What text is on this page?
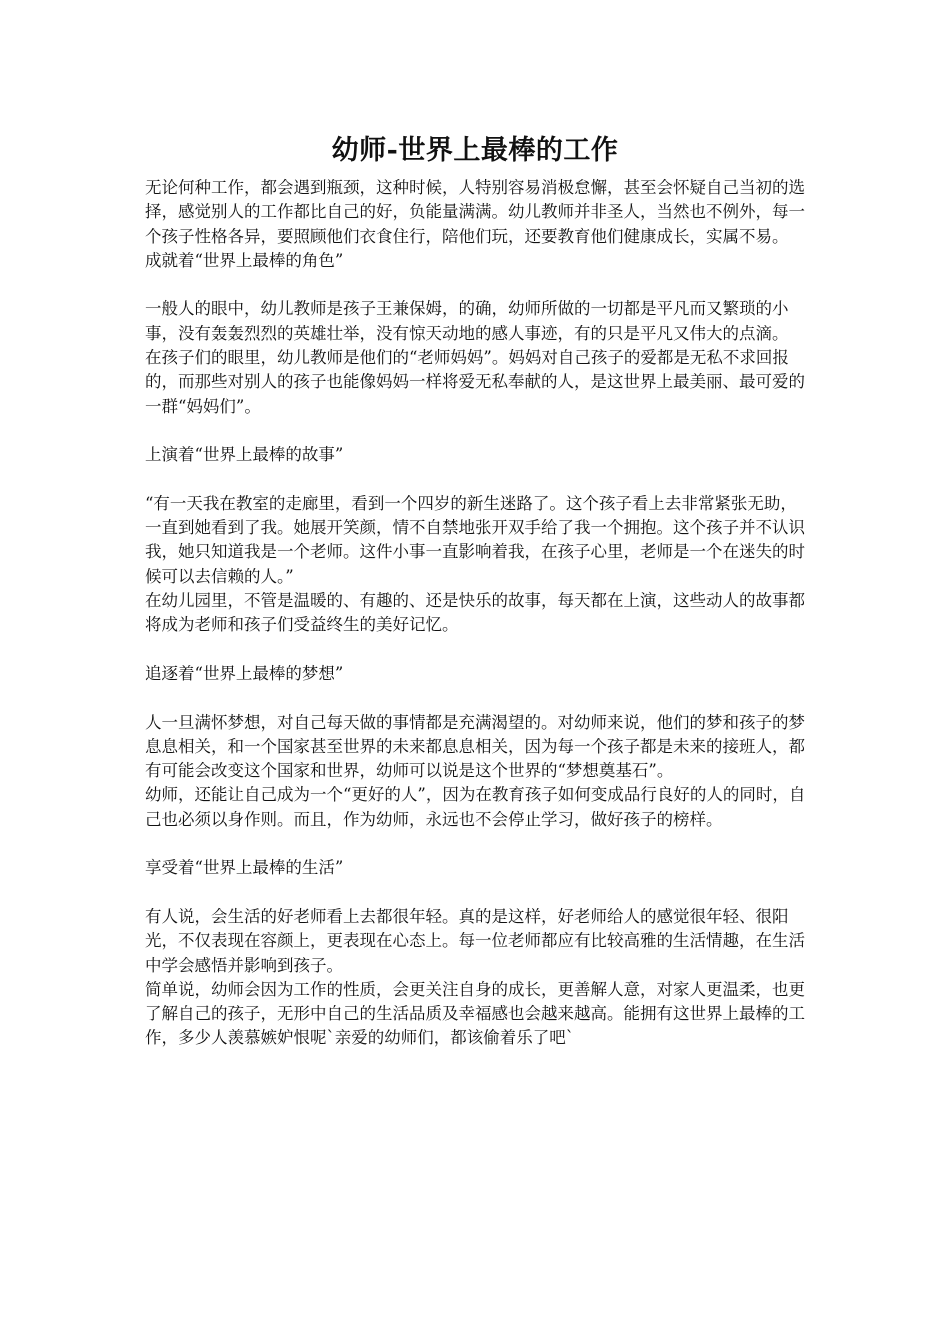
幼师-世界上最棒的工作

无论何种工作，都会遇到瓶颈，这种时候，人特别容易消极怠懈，甚至会怀疑自己当初的选择，感觉别人的工作都比自己的好，负能量满满。幼儿教师并非圣人，当然也不例外，每一个孩子性格各异，要照顾他们衣食住行，陪他们玩，还要教育他们健康成长，实属不易。

成就着“世界上最棒的角色”

一般人的眼中，幼儿教师是孩子王兼保姆，的确，幼师所做的一切都是平凡而又繁琐的小事，没有轰轰烈烈的英雄壮举，没有惊天动地的感人事迹，有的只是平凡又伟大的点滴。

在孩子们的眼里，幼儿教师是他们的“老师妈妈”。妈妈对自己孩子的爱都是无私不求回报的，而那些对别人的孩子也能像妈妈一样将爱无私奉献的人，是这世界上最美丽、最可爱的一群“妈妈们”。

上演着“世界上最棒的故事”

“有一天我在教室的走廊里，看到一个四岁的新生迷路了。这个孩子看上去非常紧张无助，一直到她看到了我。她展开笑颜，情不自禁地张开双手给了我一个拥抱。这个孩子并不认识我，她只知道我是一个老师。这件小事一直影响着我，在孩子心里，老师是一个在迷失的时候可以去信赖的人。”

在幼儿园里，不管是温暖的、有趣的、还是快乐的故事，每天都在上演，这些动人的故事都将成为老师和孩子们受益终生的美好记忆。

追逐着“世界上最棒的梦想”

人一旦满怀梦想，对自己每天做的事情都是充满渴望的。对幼师来说，他们的梦和孩子的梦息息相关，和一个国家甚至世界的未来都息息相关，因为每一个孩子都是未来的接班人，都有可能会改变这个国家和世界，幼师可以说是这个世界的“梦想奠基石”。

幼师，还能让自己成为一个“更好的人”，因为在教育孩子如何变成品行良好的人的同时，自己也必须以身作则。而且，作为幼师，永远也不会停止学习，做好孩子的榜样。

享受着“世界上最棒的生活”

有人说，会生活的好老师看上去都很年轻。真的是这样，好老师给人的感觉很年轻、很阳光，不仅表现在容颜上，更表现在心态上。每一位老师都应有比较高雅的生活情趣，在生活中学会感悟并影响到孩子。

简单说，幼师会因为工作的性质，会更关注自身的成长，更善解人意，对家人更温柔，也更了解自己的孩子，无形中自己的生活品质及幸福感也会越来越高。能拥有这世界上最棒的工作，多少人羡慕嫉妒恨呢`亲爱的幼师们，都该偷着乐了吧`
